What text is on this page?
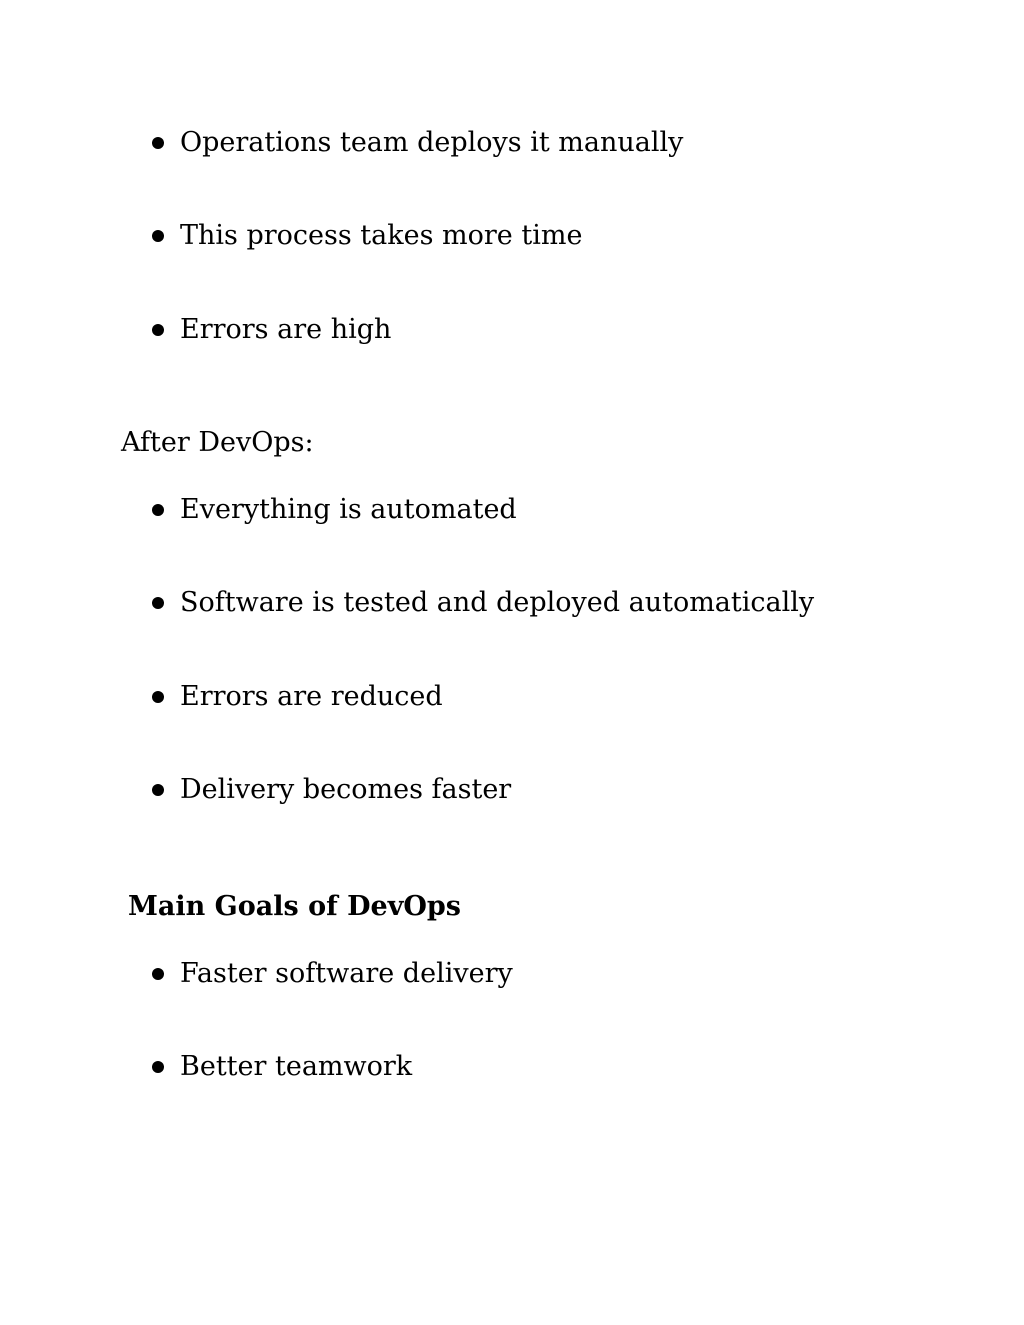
Operations team deploys it manually
This process takes more time
Errors are high
After DevOps:
Everything is automated
Software is tested and deployed automatically
Errors are reduced
Delivery becomes faster
Main Goals of DevOps
Faster software delivery
Better teamwork
